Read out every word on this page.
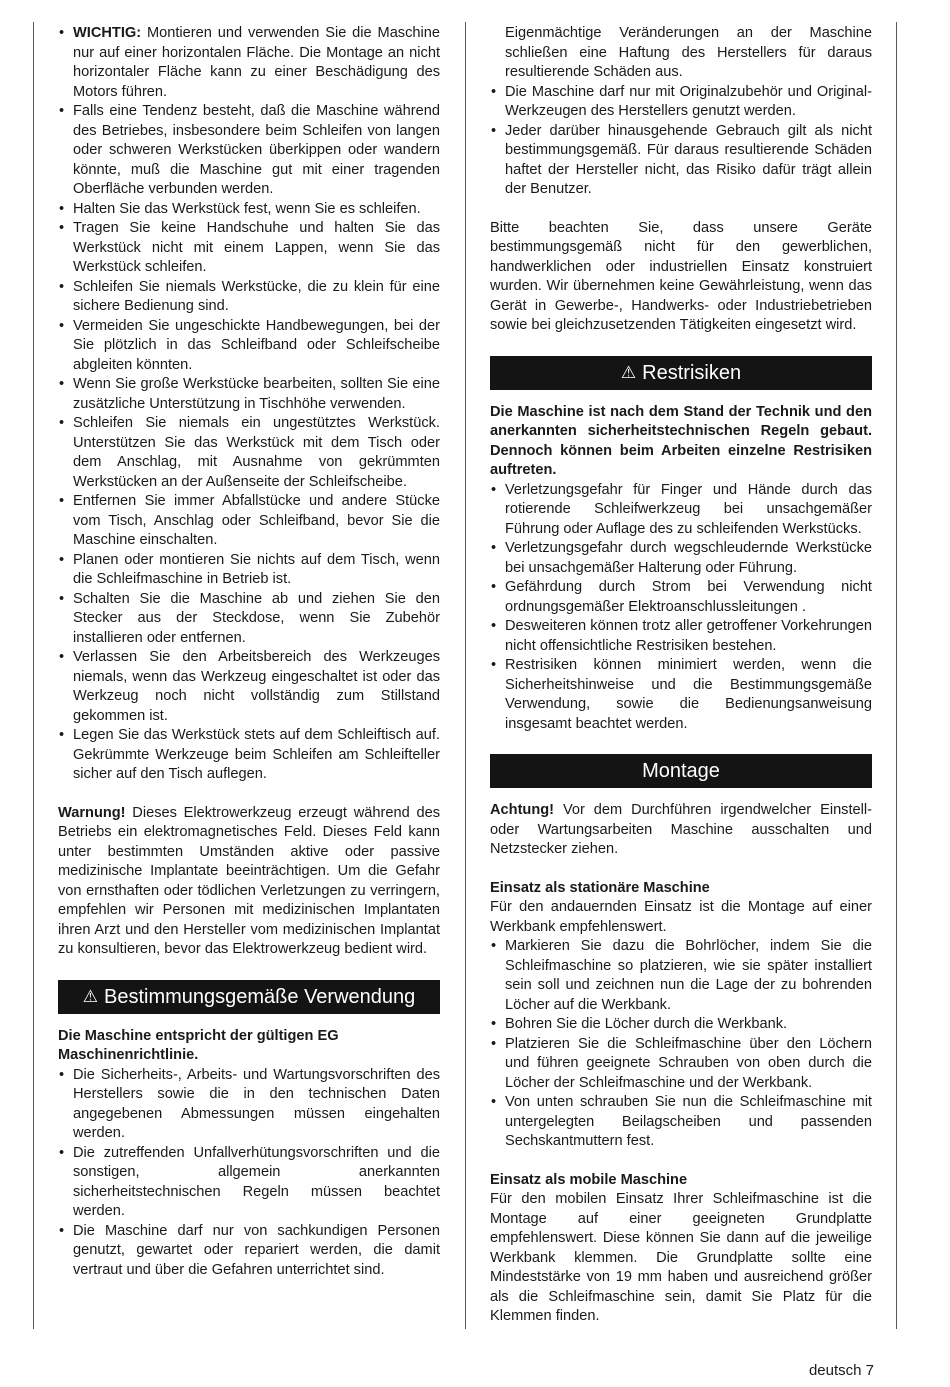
• WICHTIG: Montieren und verwenden Sie die Maschine nur auf einer horizontalen Fläche. Die Montage an nicht horizontaler Fläche kann zu einer Beschädigung des Motors führen.
• Falls eine Tendenz besteht, daß die Maschine während des Betriebes, insbesondere beim Schleifen von langen oder schweren Werkstücken überkippen oder wandern könnte, muß die Maschine gut mit einer tragenden Oberfläche verbunden werden.
• Halten Sie das Werkstück fest, wenn Sie es schleifen.
• Tragen Sie keine Handschuhe und halten Sie das Werkstück nicht mit einem Lappen, wenn Sie das Werkstück schleifen.
• Schleifen Sie niemals Werkstücke, die zu klein für eine sichere Bedienung sind.
• Vermeiden Sie ungeschickte Handbewegungen, bei der Sie plötzlich in das Schleifband oder Schleifscheibe abgleiten könnten.
• Wenn Sie große Werkstücke bearbeiten, sollten Sie eine zusätzliche Unterstützung in Tischhöhe verwenden.
• Schleifen Sie niemals ein ungestütztes Werkstück. Unterstützen Sie das Werkstück mit dem Tisch oder dem Anschlag, mit Ausnahme von gekrümmten Werkstücken an der Außenseite der Schleifscheibe.
• Entfernen Sie immer Abfallstücke und andere Stücke vom Tisch, Anschlag oder Schleifband, bevor Sie die Maschine einschalten.
• Planen oder montieren Sie nichts auf dem Tisch, wenn die Schleifmaschine in Betrieb ist.
• Schalten Sie die Maschine ab und ziehen Sie den Stecker aus der Steckdose, wenn Sie Zubehör installieren oder entfernen.
• Verlassen Sie den Arbeitsbereich des Werkzeuges niemals, wenn das Werkzeug eingeschaltet ist oder das Werkzeug noch nicht vollständig zum Stillstand gekommen ist.
• Legen Sie das Werkstück stets auf dem Schleiftisch auf. Gekrümmte Werkzeuge beim Schleifen am Schleifteller sicher auf den Tisch auflegen.

Warnung! Dieses Elektrowerkzeug erzeugt während des Betriebs ein elektromagnetisches Feld. Dieses Feld kann unter bestimmten Umständen aktive oder passive medizinische Implantate beeinträchtigen. Um die Gefahr von ernsthaften oder tödlichen Verletzungen zu verringern, empfehlen wir Personen mit medizinischen Implantaten ihren Arzt und den Hersteller vom medizinischen Implantat zu konsultieren, bevor das Elektrowerkzeug bedient wird.

⚠ Bestimmungsgemäße Verwendung

Die Maschine entspricht der gültigen EG Maschinenrichtlinie.

• Die Sicherheits-, Arbeits- und Wartungsvorschriften des Herstellers sowie die in den technischen Daten angegebenen Abmessungen müssen eingehalten werden.
• Die zutreffenden Unfallverhütungsvorschriften und die sonstigen, allgemein anerkannten sicherheitstechnischen Regeln müssen beachtet werden.
• Die Maschine darf nur von sachkundigen Personen genutzt, gewartet oder repariert werden, die damit vertraut und über die Gefahren unterrichtet sind.

Eigenmächtige Veränderungen an der Maschine schließen eine Haftung des Herstellers für daraus resultierende Schäden aus.

• Die Maschine darf nur mit Originalzubehör und Original- Werkzeugen des Herstellers genutzt werden.
• Jeder darüber hinausgehende Gebrauch gilt als nicht bestimmungsgemäß. Für daraus resultierende Schäden haftet der Hersteller nicht, das Risiko dafür trägt allein der Benutzer.

Bitte beachten Sie, dass unsere Geräte bestimmungsgemäß nicht für den gewerblichen, handwerklichen oder industriellen Einsatz konstruiert wurden. Wir übernehmen keine Gewährleistung, wenn das Gerät in Gewerbe-, Handwerks- oder Industriebetrieben sowie bei gleichzusetzenden Tätigkeiten eingesetzt wird.

⚠ Restrisiken

Die Maschine ist nach dem Stand der Technik und den anerkannten sicherheitstechnischen Regeln gebaut. Dennoch können beim Arbeiten einzelne Restrisiken auftreten.

• Verletzungsgefahr für Finger und Hände durch das rotierende Schleifwerkzeug bei unsachgemäßer Führung oder Auflage des zu schleifenden Werkstücks.
• Verletzungsgefahr durch wegschleudernde Werkstücke bei unsachgemäßer Halterung oder Führung.
• Gefährdung durch Strom bei Verwendung nicht ordnungsgemäßer Elektroanschlussleitungen .
• Desweiteren können trotz aller getroffener Vorkehrungen nicht offensichtliche Restrisiken bestehen.
• Restrisiken können minimiert werden, wenn die Sicherheitshinweise und die Bestimmungsgemäße Verwendung, sowie die Bedienungsanweisung insgesamt beachtet werden.
Montage

Achtung! Vor dem Durchführen irgendwelcher Einstell- oder Wartungsarbeiten Maschine ausschalten und Netzstecker ziehen.

Einsatz als stationäre Maschine

Für den andauernden Einsatz ist die Montage auf einer Werkbank empfehlenswert.

• Markieren Sie dazu die Bohrlöcher, indem Sie die Schleifmaschine so platzieren, wie sie später installiert sein soll und zeichnen nun die Lage der zu bohrenden Löcher auf die Werkbank.
• Bohren Sie die Löcher durch die Werkbank.
• Platzieren Sie die Schleifmaschine über den Löchern und führen geeignete Schrauben von oben durch die Löcher der Schleifmaschine und der Werkbank.
• Von unten schrauben Sie nun die Schleifmaschine mit untergelegten Beilagscheiben und passenden Sechskantmuttern fest.

Einsatz als mobile Maschine

Für den mobilen Einsatz Ihrer Schleifmaschine ist die Montage auf einer geeigneten Grundplatte empfehlenswert. Diese können Sie dann auf die jeweilige Werkbank klemmen. Die Grundplatte sollte eine Mindeststärke von 19 mm haben und ausreichend größer als die Schleifmaschine sein, damit Sie Platz für die Klemmen finden.

deutsch 7
